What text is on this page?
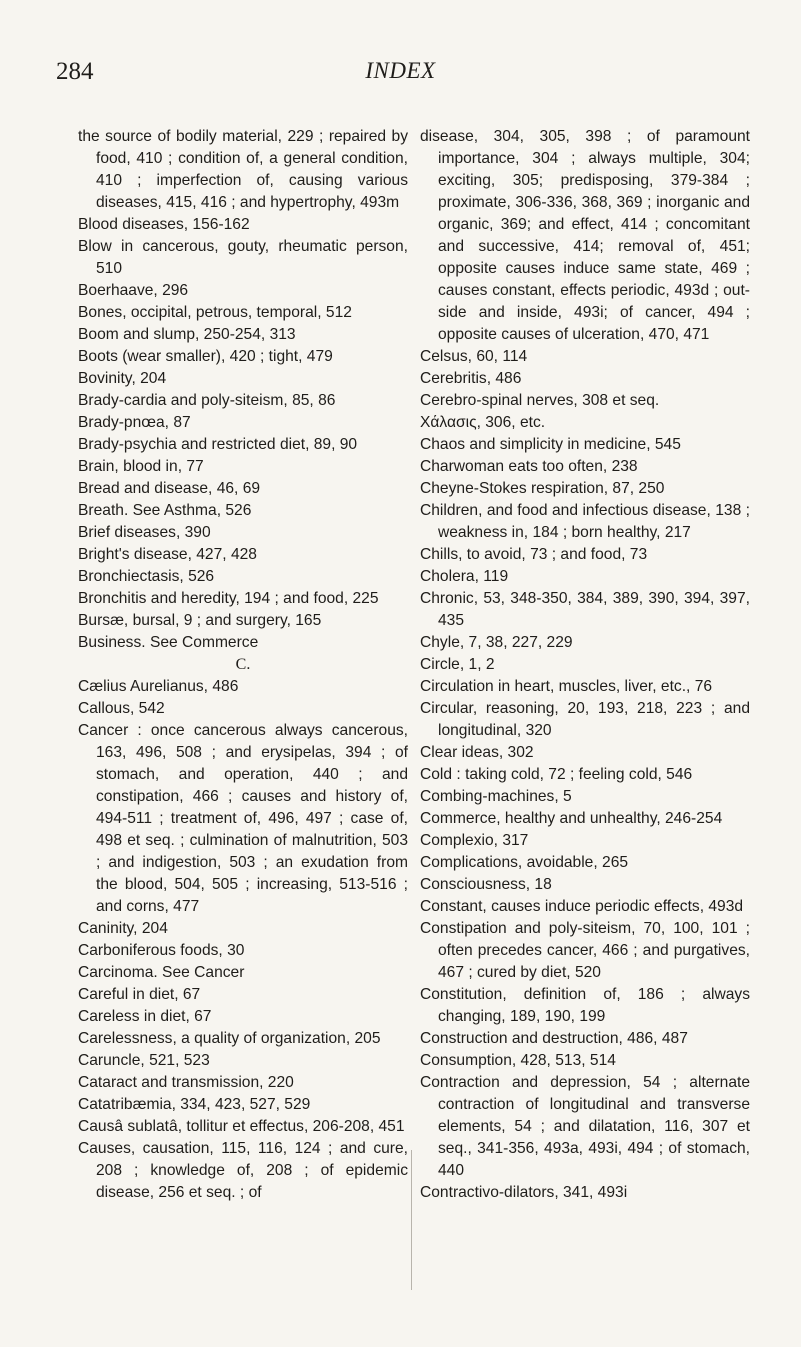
284	INDEX
the source of bodily material, 229 ; repaired by food, 410 ; condition of, a general condition, 410 ; imperfection of, causing various diseases, 415, 416 ; and hypertrophy, 493m
Blood diseases, 156-162
Blow in cancerous, gouty, rheumatic person, 510
Boerhaave, 296
Bones, occipital, petrous, temporal, 512
Boom and slump, 250-254, 313
Boots (wear smaller), 420 ; tight, 479
Bovinity, 204
Brady-cardia and poly-siteism, 85, 86
Brady-pnœa, 87
Brady-psychia and restricted diet, 89, 90
Brain, blood in, 77
Bread and disease, 46, 69
Breath. See Asthma, 526
Brief diseases, 390
Bright's disease, 427, 428
Bronchiectasis, 526
Bronchitis and heredity, 194 ; and food, 225
Bursæ, bursal, 9 ; and surgery, 165
Business. See Commerce
C.
Cælius Aurelianus, 486
Callous, 542
Cancer : once cancerous always cancerous, 163, 496, 508 ; and erysipelas, 394 ; of stomach, and operation, 440 ; and constipation, 466 ; causes and history of, 494-511 ; treatment of, 496, 497 ; case of, 498 et seq. ; culmination of malnutrition, 503 ; and indigestion, 503 ; an exudation from the blood, 504, 505 ; increasing, 513-516 ; and corns, 477
Caninity, 204
Carboniferous foods, 30
Carcinoma. See Cancer
Careful in diet, 67
Careless in diet, 67
Carelessness, a quality of organization, 205
Caruncle, 521, 523
Cataract and transmission, 220
Catatribæmia, 334, 423, 527, 529
Causâ sublatâ, tollitur et effectus, 206-208, 451
Causes, causation, 115, 116, 124 ; and cure, 208 ; knowledge of, 208 ; of epidemic disease, 256 et seq. ; of
disease, 304, 305, 398 ; of paramount importance, 304 ; always multiple, 304; exciting, 305; predisposing, 379-384 ; proximate, 306-336, 368, 369 ; inorganic and organic, 369; and effect, 414 ; concomitant and successive, 414; removal of, 451; opposite causes induce same state, 469 ; causes constant, effects periodic, 493d ; outside and inside, 493i; of cancer, 494 ; opposite causes of ulceration, 470, 471
Celsus, 60, 114
Cerebritis, 486
Cerebro-spinal nerves, 308 et seq.
Χάλασις, 306, etc.
Chaos and simplicity in medicine, 545
Charwoman eats too often, 238
Cheyne-Stokes respiration, 87, 250
Children, and food and infectious disease, 138 ; weakness in, 184 ; born healthy, 217
Chills, to avoid, 73 ; and food, 73
Cholera, 119
Chronic, 53, 348-350, 384, 389, 390, 394, 397, 435
Chyle, 7, 38, 227, 229
Circle, 1, 2
Circulation in heart, muscles, liver, etc., 76
Circular, reasoning, 20, 193, 218, 223 ; and longitudinal, 320
Clear ideas, 302
Cold : taking cold, 72 ; feeling cold, 546
Combing-machines, 5
Commerce, healthy and unhealthy, 246-254
Complexio, 317
Complications, avoidable, 265
Consciousness, 18
Constant, causes induce periodic effects, 493d
Constipation and poly-siteism, 70, 100, 101 ; often precedes cancer, 466 ; and purgatives, 467 ; cured by diet, 520
Constitution, definition of, 186 ; always changing, 189, 190, 199
Construction and destruction, 486, 487
Consumption, 428, 513, 514
Contraction and depression, 54 ; alternate contraction of longitudinal and transverse elements, 54 ; and dilatation, 116, 307 et seq., 341-356, 493a, 493i, 494 ; of stomach, 440
Contractivo-dilators, 341, 493i
